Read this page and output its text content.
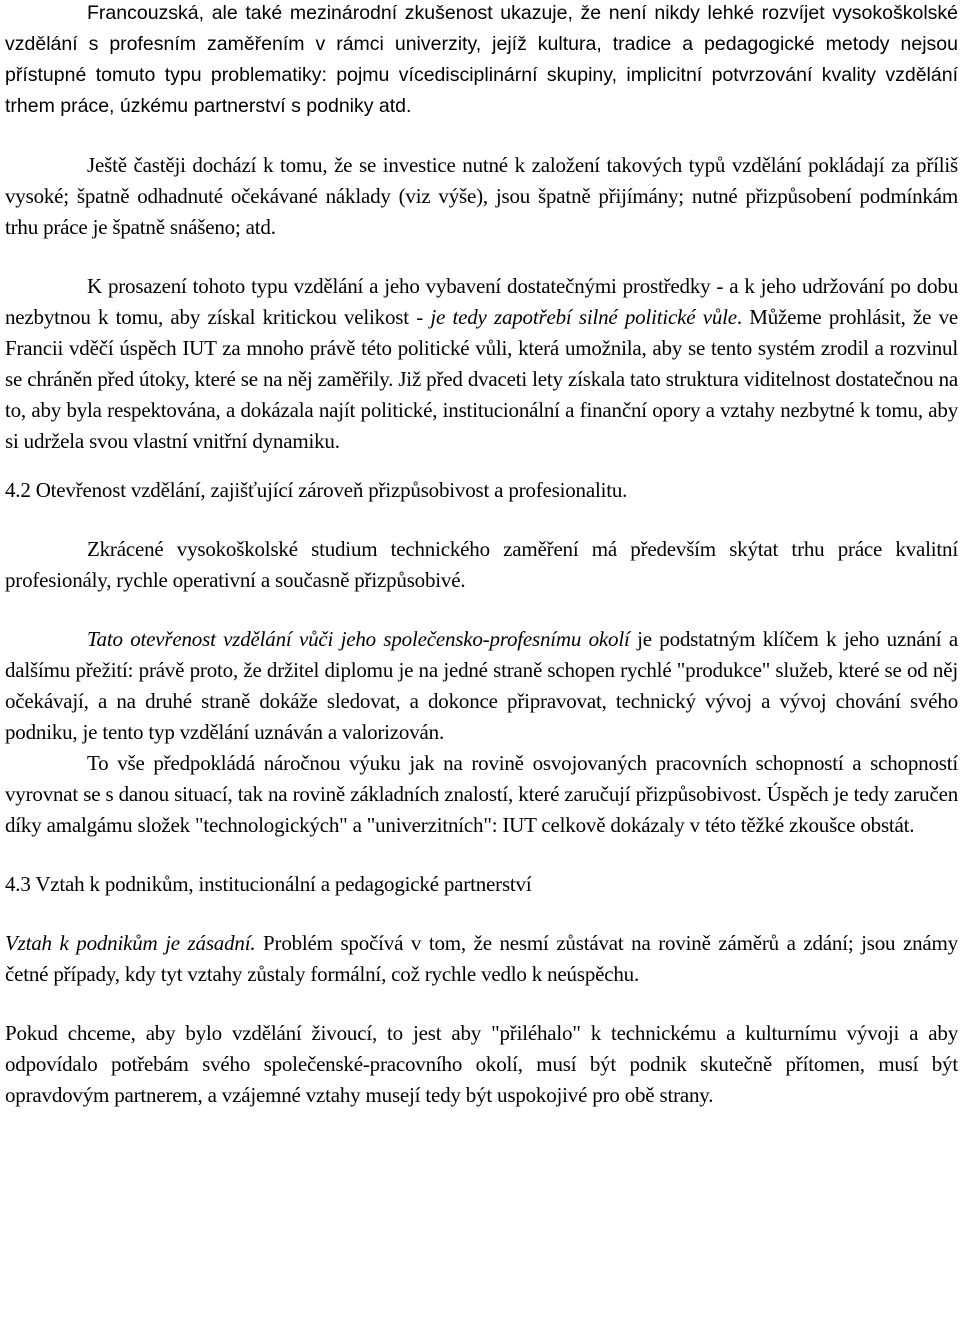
Francouzská, ale také mezinárodní zkušenost ukazuje, že není nikdy lehké rozvíjet vysokoškolské vzdělání s profesním zaměřením v rámci univerzity, jejíž kultura, tradice a pedagogické metody nejsou přístupné tomuto typu problematiky: pojmu vícedisciplinární skupiny, implicitní potvrzování kvality vzdělání trhem práce, úzkému partnerství s podniky atd.

Ještě častěji dochází k tomu, že se investice nutné k založení takových typů vzdělání pokládají za příliš vysoké; špatně odhadnuté očekávané náklady (viz výše), jsou špatně přijímány; nutné přizpůsobení podmínkám trhu práce je špatně snášeno; atd.

K prosazení tohoto typu vzdělání a jeho vybavení dostatečnými prostředky - a k jeho udržování po dobu nezbytnou k tomu, aby získal kritickou velikost - je tedy zapotřebí silné politické vůle. Můžeme prohlásit, že ve Francii vděčí úspěch IUT za mnoho právě této politické vůli, která umožnila, aby se tento systém zrodil a rozvinul se chráněn před útoky, které se na něj zaměřily. Již před dvaceti lety získala tato struktura viditelnost dostatečnou na to, aby byla respektována, a dokázala najít politické, institucionální a finanční opory a vztahy nezbytné k tomu, aby si udržela svou vlastní vnitřní dynamiku.

4.2 Otevřenost vzdělání, zajišťující zároveň přizpůsobivost a profesionalitu.

Zkrácené vysokoškolské studium technického zaměření má především skýtat trhu práce kvalitní profesionály, rychle operativní a současně přizpůsobivé.

Tato otevřenost vzdělání vůči jeho společensko-profesnímu okolí je podstatným klíčem k jeho uznání a dalšímu přežití: právě proto, že držitel diplomu je na jedné straně schopen rychlé "produkce" služeb, které se od něj očekávají, a na druhé straně dokáže sledovat, a dokonce připravovat, technický vývoj a vývoj chování svého podniku, je tento typ vzdělání uznáván a valorizován.

To vše předpokládá náročnou výuku jak na rovině osvojovaných pracovních schopností a schopností vyrovnat se s danou situací, tak na rovině základních znalostí, které zaručují přizpůsobivost. Úspěch je tedy zaručen díky amalgámu složek "technologických" a "univerzitních": IUT celkově dokázaly v této těžké zkoušce obstát.

4.3 Vztah k podnikům, institucionální a pedagogické partnerství

Vztah k podnikům je zásadní. Problém spočívá v tom, že nesmí zůstávat na rovině záměrů a zdání; jsou známy četné případy, kdy tyt vztahy zůstaly formální, což rychle vedlo k neúspěchu.

Pokud chceme, aby bylo vzdělání živoucí, to jest aby "přiléhalo" k technickému a kulturnímu vývoji a aby odpovídalo potřebám svého společenské-pracovního okolí, musí být podnik skutečně přítomen, musí být opravdovým partnerem, a vzájemné vztahy musejí tedy být uspokojivé pro obě strany.
